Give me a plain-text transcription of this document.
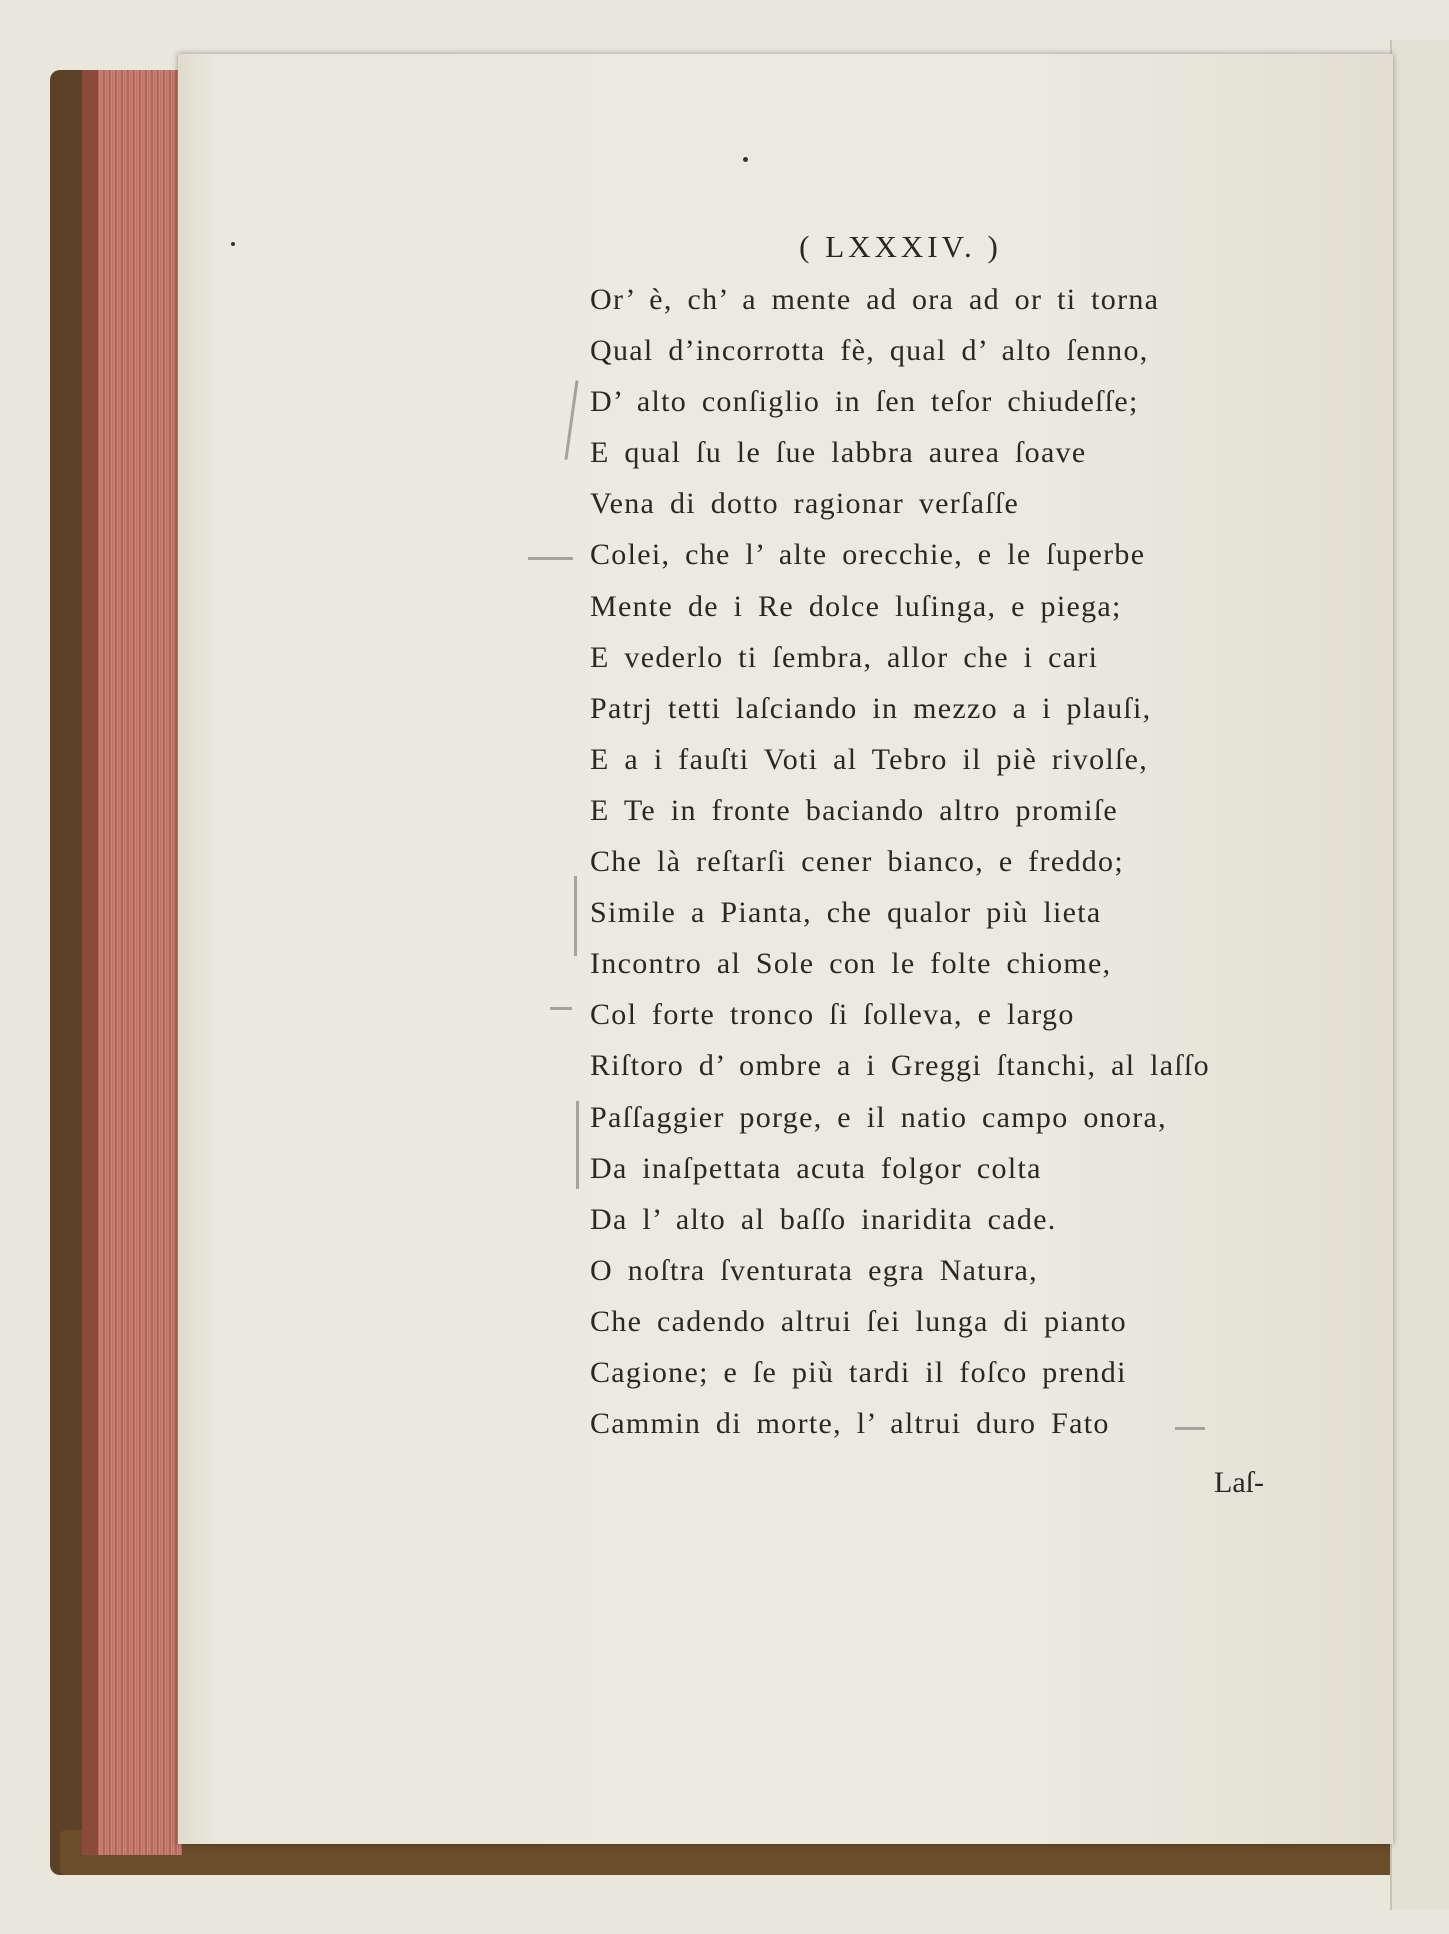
( LXXXIV. )
Or’ è, ch’ a mente ad ora ad or ti torna
Qual d’incorrotta fè, qual d’ alto ſenno,
D’ alto conſiglio in ſen teſor chiudeſſe;
E qual ſu le ſue labbra aurea ſoave
Vena di dotto ragionar verſaſſe
Colei, che l’ alte orecchie, e le ſuperbe
Mente de i Re dolce luſinga, e piega;
E vederlo ti ſembra, allor che i cari
Patrj tetti laſciando in mezzo a i plauſi,
E a i fauſti Voti al Tebro il piè rivolſe,
E Te in fronte baciando altro promiſe
Che là reſtarſi cener bianco, e freddo;
Simile a Pianta, che qualor più lieta
Incontro al Sole con le folte chiome,
Col forte tronco ſi ſolleva, e largo
Riſtoro d’ ombre a i Greggi ſtanchi, al laſſo
Paſſaggier porge, e il natio campo onora,
Da inaſpettata acuta folgor colta
Da l’ alto al baſſo inaridita cade.
O noſtra ſventurata egra Natura,
Che cadendo altrui ſei lunga di pianto
Cagione; e ſe più tardi il foſco prendi
Cammin di morte, l’ altrui duro Fato
Laſ-
